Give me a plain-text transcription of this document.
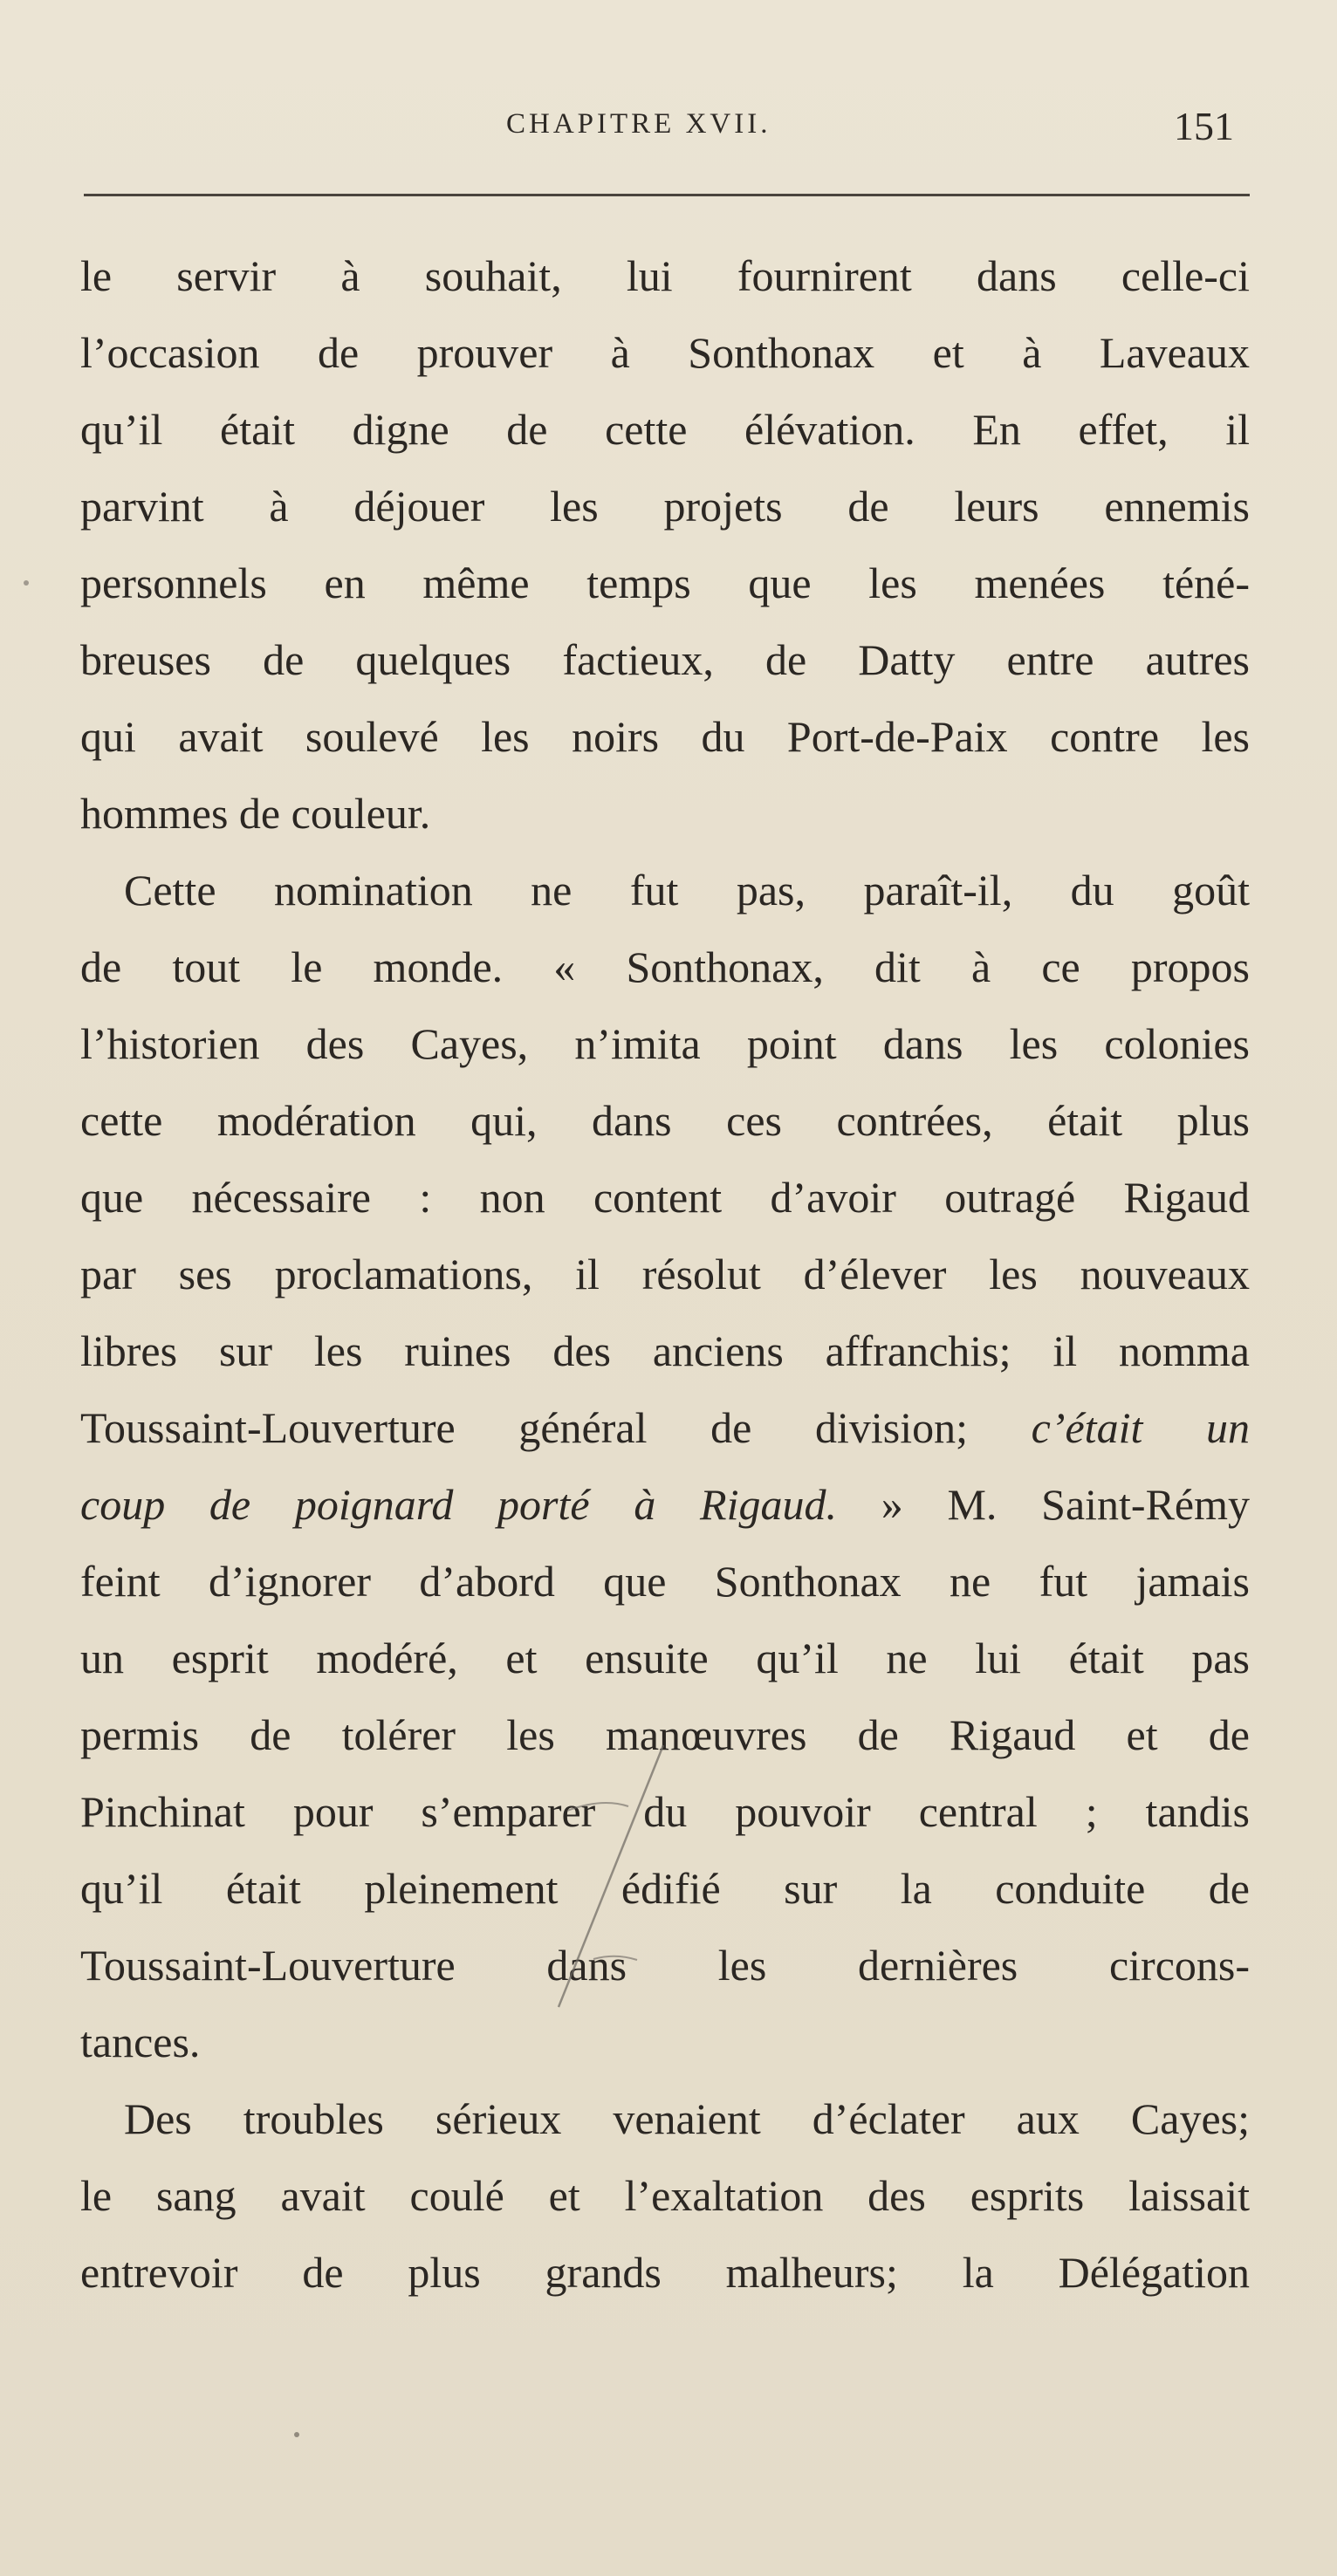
CHAPITRE XVII.	151
le servir à souhait, lui fournirent dans celle-ci
l’occasion de prouver à Sonthonax et à Laveaux
qu’il était digne de cette élévation. En effet, il
parvint à déjouer les projets de leurs ennemis
personnels en même temps que les menées téné-
breuses de quelques factieux, de Datty entre autres
qui avait soulevé les noirs du Port-de-Paix contre les
hommes de couleur.
Cette nomination ne fut pas, paraît-il, du goût
de tout le monde. « Sonthonax, dit à ce propos
l’historien des Cayes, n’imita point dans les colonies
cette modération qui, dans ces contrées, était plus
que nécessaire : non content d’avoir outragé Rigaud
par ses proclamations, il résolut d’élever les nouveaux
libres sur les ruines des anciens affranchis; il nomma
Toussaint-Louverture général de division; c’était un
coup de poignard porté à Rigaud. » M. Saint-Rémy
feint d’ignorer d’abord que Sonthonax ne fut jamais
un esprit modéré, et ensuite qu’il ne lui était pas
permis de tolérer les manœuvres de Rigaud et de
Pinchinat pour s’emparer du pouvoir central ; tandis
qu’il était pleinement édifié sur la conduite de
Toussaint-Louverture dans les dernières circons-
tances.
Des troubles sérieux venaient d’éclater aux Cayes;
le sang avait coulé et l’exaltation des esprits laissait
entrevoir de plus grands malheurs; la Délégation
